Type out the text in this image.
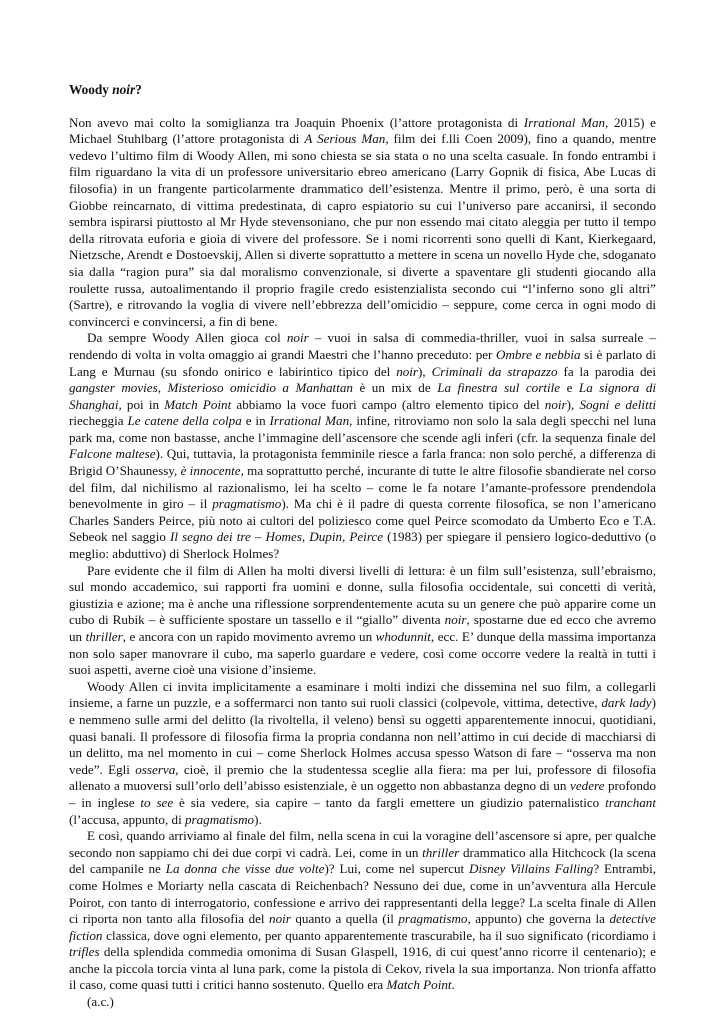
Woody noir?

Non avevo mai colto la somiglianza tra Joaquin Phoenix (l’attore protagonista di Irrational Man, 2015) e Michael Stuhlbarg (l’attore protagonista di A Serious Man, film dei f.lli Coen 2009), fino a quando, mentre vedevo l’ultimo film di Woody Allen, mi sono chiesta se sia stata o no una scelta casuale. In fondo entrambi i film riguardano la vita di un professore universitario ebreo americano (Larry Gopnik di fisica, Abe Lucas di filosofia) in un frangente particolarmente drammatico dell’esistenza. Mentre il primo, però, è una sorta di Giobbe reincarnato, di vittima predestinata, di capro espiatorio su cui l’universo pare accanirsi, il secondo sembra ispirarsi piuttosto al Mr Hyde stevensoniano, che pur non essendo mai citato aleggia per tutto il tempo della ritrovata euforia e gioia di vivere del professore. Se i nomi ricorrenti sono quelli di Kant, Kierkegaard, Nietzsche, Arendt e Dostoevskij, Allen si diverte soprattutto a mettere in scena un novello Hyde che, sdoganato sia dalla “ragion pura” sia dal moralismo convenzionale, si diverte a spaventare gli studenti giocando alla roulette russa, autoalimentando il proprio fragile credo esistenzialista secondo cui “l’inferno sono gli altri” (Sartre), e ritrovando la voglia di vivere nell’ebbrezza dell’omicidio – seppure, come cerca in ogni modo di convincerci e convincersi, a fin di bene.

Da sempre Woody Allen gioca col noir – vuoi in salsa di commedia-thriller, vuoi in salsa surreale – rendendo di volta in volta omaggio ai grandi Maestri che l’hanno preceduto: per Ombre e nebbia si è parlato di Lang e Murnau (su sfondo onirico e labirintico tipico del noir), Criminali da strapazzo fa la parodia dei gangster movies, Misterioso omicidio a Manhattan è un mix de La finestra sul cortile e La signora di Shanghai, poi in Match Point abbiamo la voce fuori campo (altro elemento tipico del noir), Sogni e delitti riecheggia Le catene della colpa e in Irrational Man, infine, ritroviamo non solo la sala degli specchi nel luna park ma, come non bastasse, anche l’immagine dell’ascensore che scende agli inferi (cfr. la sequenza finale del Falcone maltese). Qui, tuttavia, la protagonista femminile riesce a farla franca: non solo perché, a differenza di Brigid O’Shaunessy, è innocente, ma soprattutto perché, incurante di tutte le altre filosofie sbandierate nel corso del film, dal nichilismo al razionalismo, lei ha scelto – come le fa notare l’amante-professore prendendola benevolmente in giro – il pragmatismo). Ma chi è il padre di questa corrente filosofica, se non l’americano Charles Sanders Peirce, più noto ai cultori del poliziesco come quel Peirce scomodato da Umberto Eco e T.A. Sebeok nel saggio Il segno dei tre – Homes, Dupin, Peirce (1983) per spiegare il pensiero logico-deduttivo (o meglio: abduttivo) di Sherlock Holmes?

Pare evidente che il film di Allen ha molti diversi livelli di lettura: è un film sull’esistenza, sull’ebraismo, sul mondo accademico, sui rapporti fra uomini e donne, sulla filosofia occidentale, sui concetti di verità, giustizia e azione; ma è anche una riflessione sorprendentemente acuta su un genere che può apparire come un cubo di Rubik – è sufficiente spostare un tassello e il “giallo” diventa noir, spostarne due ed ecco che avremo un thriller, e ancora con un rapido movimento avremo un whodunnit, ecc. E’ dunque della massima importanza non solo saper manovrare il cubo, ma saperlo guardare e vedere, così come occorre vedere la realtà in tutti i suoi aspetti, averne cioè una visione d’insieme.

Woody Allen ci invita implicitamente a esaminare i molti indizi che dissemina nel suo film, a collegarli insieme, a farne un puzzle, e a soffermarci non tanto sui ruoli classici (colpevole, vittima, detective, dark lady) e nemmeno sulle armi del delitto (la rivoltella, il veleno) bensì su oggetti apparentemente innocui, quotidiani, quasi banali. Il professore di filosofia firma la propria condanna non nell’attimo in cui decide di macchiarsi di un delitto, ma nel momento in cui – come Sherlock Holmes accusa spesso Watson di fare – “osserva ma non vede”. Egli osserva, cioè, il premio che la studentessa sceglie alla fiera: ma per lui, professore di filosofia allenato a muoversi sull’orlo dell’abisso esistenziale, è un oggetto non abbastanza degno di un vedere profondo – in inglese to see è sia vedere, sia capire – tanto da fargli emettere un giudizio paternalistico tranchant (l’accusa, appunto, di pragmatismo).

E così, quando arriviamo al finale del film, nella scena in cui la voragine dell’ascensore si apre, per qualche secondo non sappiamo chi dei due corpi vi cadrà. Lei, come in un thriller drammatico alla Hitchcock (la scena del campanile ne La donna che visse due volte)? Lui, come nel supercut Disney Villains Falling? Entrambi, come Holmes e Moriarty nella cascata di Reichenbach? Nessuno dei due, come in un’avventura alla Hercule Poirot, con tanto di interrogatorio, confessione e arrivo dei rappresentanti della legge? La scelta finale di Allen ci riporta non tanto alla filosofia del noir quanto a quella (il pragmatismo, appunto) che governa la detective fiction classica, dove ogni elemento, per quanto apparentemente trascurabile, ha il suo significato (ricordiamo i trifles della splendida commedia omonima di Susan Glaspell, 1916, di cui quest’anno ricorre il centenario); e anche la piccola torcia vinta al luna park, come la pistola di Cekov, rivela la sua importanza. Non trionfa affatto il caso, come quasi tutti i critici hanno sostenuto. Quello era Match Point.

(a.c.)
